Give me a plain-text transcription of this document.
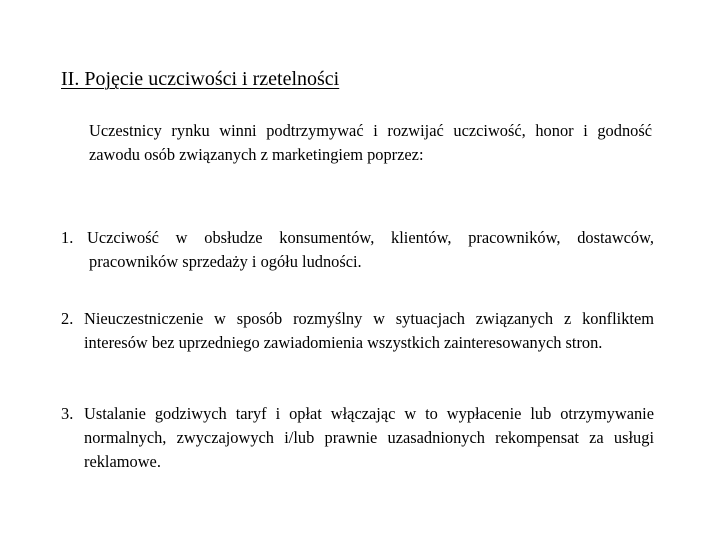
II. Pojęcie uczciwości i rzetelności
Uczestnicy rynku winni podtrzymywać i rozwijać uczciwość, honor i godność zawodu osób związanych z marketingiem poprzez:
1. Uczciwość w obsłudze konsumentów, klientów, pracowników, dostawców, pracowników sprzedaży i ogółu ludności.
2. Nieuczestniczenie w sposób rozmyślny w sytuacjach związanych z konfliktem interesów bez uprzedniego zawiadomienia wszystkich zainteresowanych stron.
3. Ustalanie godziwych taryf i opłat włączając w to wypłacenie lub otrzymywanie normalnych, zwyczajowych i/lub prawnie uzasadnionych rekompensat za usługi reklamowe.
